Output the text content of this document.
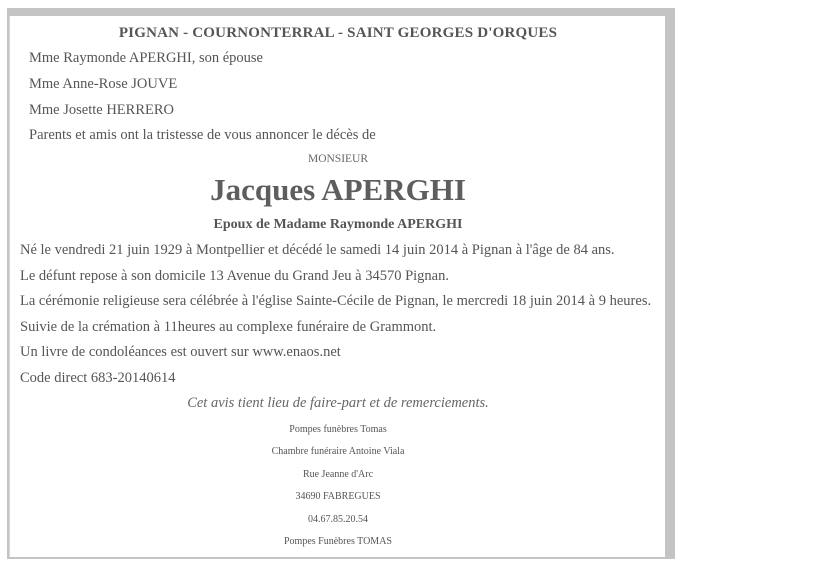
PIGNAN - COURNONTERRAL - SAINT GEORGES D'ORQUES
Mme Raymonde APERGHI, son épouse
Mme Anne-Rose JOUVE
Mme Josette HERRERO
Parents et amis ont la tristesse de vous annoncer le décès de
MONSIEUR
Jacques APERGHI
Epoux de Madame Raymonde APERGHI
Né le vendredi 21 juin 1929 à Montpellier et décédé le samedi 14 juin 2014 à Pignan à l'âge de 84 ans.
Le défunt repose à son domicile 13 Avenue du Grand Jeu à 34570 Pignan.
La cérémonie religieuse sera célébrée à l'église Sainte-Cécile de Pignan, le mercredi 18 juin 2014 à 9 heures.
Suivie de la crémation à 11heures au complexe funéraire de Grammont.
Un livre de condoléances est ouvert sur www.enaos.net
Code direct 683-20140614
Cet avis tient lieu de faire-part et de remerciements.
Pompes funèbres Tomas
Chambre funéraire Antoine Viala
Rue Jeanne d'Arc
34690 FABREGUES
04.67.85.20.54
Pompes Funèbres TOMAS
